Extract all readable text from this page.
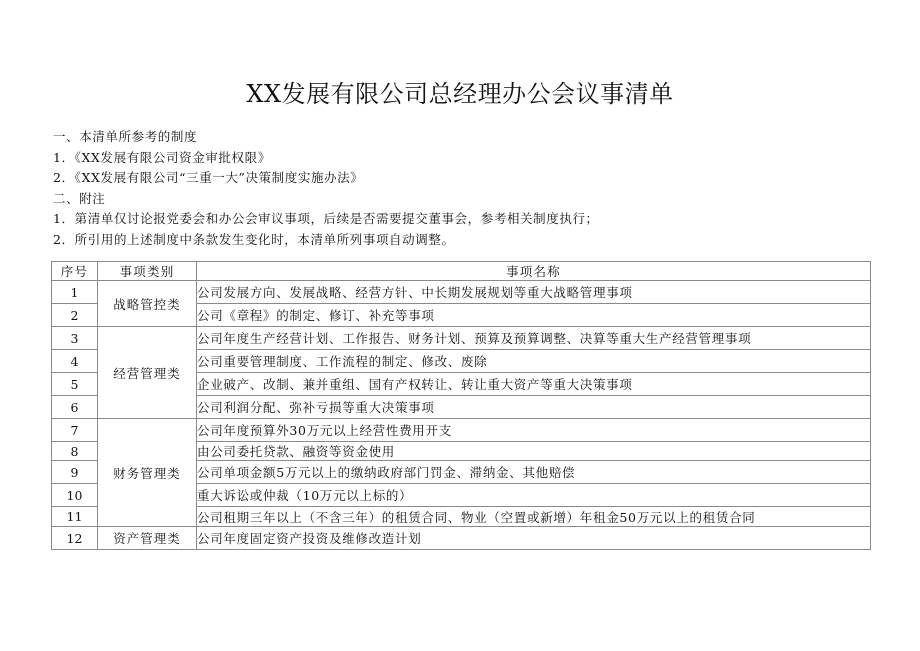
XX发展有限公司总经理办公会议事清单
一、本清单所参考的制度
1．《XX发展有限公司资金审批权限》
2．《XX发展有限公司“三重一大”决策制度实施办法》
二、附注
1．第清单仅讨论报党委会和办公会审议事项，后续是否需要提交董事会，参考相关制度执行；
2．所引用的上述制度中条款发生变化时，本清单所列事项自动调整。
序号	事项类别	事项名称
1	战略管控类	公司发展方向、发展战略、经营方针、中长期发展规划等重大战略管理事项
2		公司《章程》的制定、修订、补充等事项
3	经营管理类	公司年度生产经营计划、工作报告、财务计划、预算及预算调整、决算等重大生产经营管理事项
4		公司重要管理制度、工作流程的制定、修改、废除
5		企业破产、改制、兼并重组、国有产权转让、转让重大资产等重大决策事项
6		公司利润分配、弥补亏损等重大决策事项
7	财务管理类	公司年度预算外30万元以上经营性费用开支
8		由公司委托贷款、融资等资金使用
9		公司单项金额5万元以上的缴纳政府部门罚金、滞纳金、其他赔偿
10		重大诉讼或仲裁（10万元以上标的）
11		公司租期三年以上（不含三年）的租赁合同、物业（空置或新增）年租金50万元以上的租赁合同
12	资产管理类	公司年度固定资产投资及维修改造计划
